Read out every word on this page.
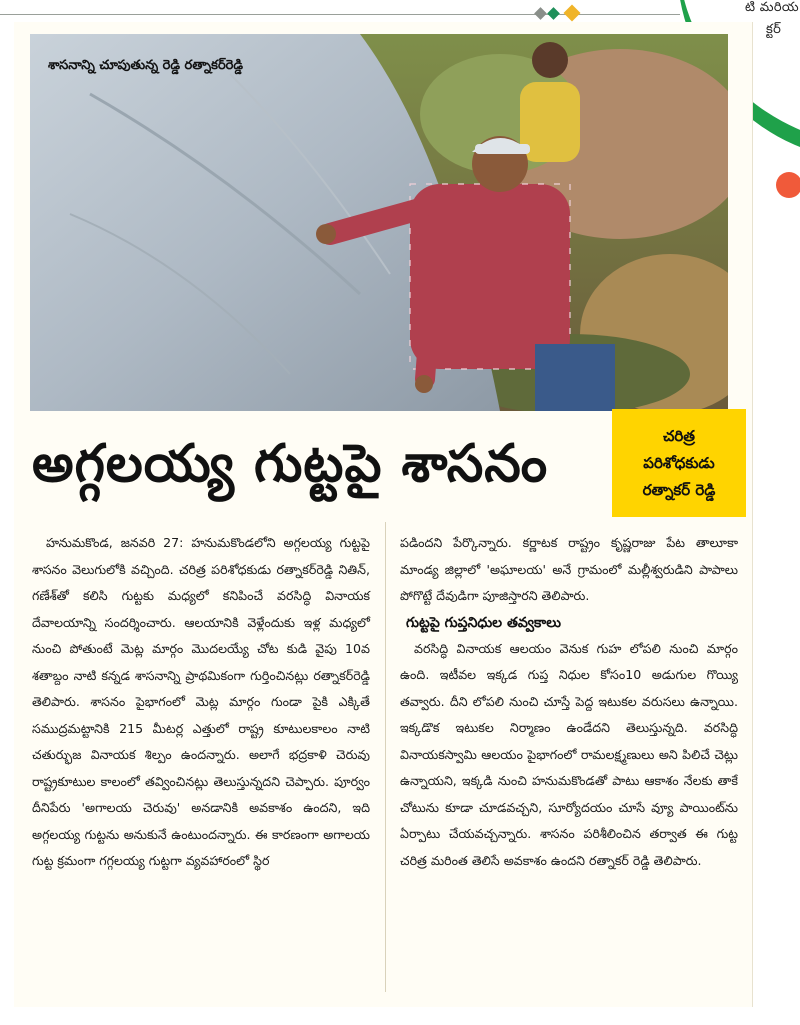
టి మరియ
క్టర్
శాసనాన్ని చూపుతున్న రెడ్డి రత్నాకర్‌రెడ్డి
అగ్గలయ్య గుట్టపై శాసనం	చరిత్ర
పరిశోధకుడు
రత్నాకర్ రెడ్డి

హనుమకొండ, జనవరి 27: హనుమకొండలోని అగ్గలయ్య గుట్టపై శాసనం వెలుగులోకి వచ్చింది. చరిత్ర పరిశోధకుడు రత్నాకర్‌రెడ్డి నితిన్, గణేశ్‌తో కలిసి గుట్టకు మధ్యలో కనిపించే వరసిద్ధి వినాయక దేవాలయాన్ని సందర్శించారు. ఆలయానికి వెళ్లేందుకు ఇళ్ల మధ్యలో నుంచి పోతుంటే మెట్ల మార్గం మొదలయ్యే చోట కుడి వైపు 10వ శతాబ్దం నాటి కన్నడ శాసనాన్ని ప్రాథమికంగా గుర్తించినట్లు రత్నాకర్‌రెడ్డి తెలిపారు. శాసనం పైభాగంలో మెట్ల మార్గం గుండా పైకి ఎక్కితే సముద్రమట్టానికి 215 మీటర్ల ఎత్తులో రాష్ట్ర కూటులకాలం నాటి చతుర్భుజ వినాయక శిల్పం ఉందన్నారు. అలాగే భద్రకాళి చెరువు రాష్ట్రకూటుల కాలంలో తవ్వించినట్లు తెలుస్తున్నదని చెప్పారు. పూర్వం దీనిపేరు 'అగాలయ చెరువు' అనడానికి అవకాశం ఉందని, ఇది అగ్గలయ్య గుట్టను అనుకునే ఉంటుందన్నారు. ఈ కారణంగా అగాలయ గుట్ట క్రమంగా గగ్గలయ్య గుట్టగా వ్యవహారంలో స్థిర

పడిందని పేర్కొన్నారు. కర్ణాటక రాష్ట్రం కృష్ణరాజు పేట తాలూకా మాండ్య జిల్లాలో 'అఘాలయ' అనే గ్రామంలో మల్లీశ్వరుడిని పాపాలు పోగొట్టే దేవుడిగా పూజిస్తారని తెలిపారు.

గుట్టపై గుప్తనిధుల తవ్వకాలు

వరసిద్ధి వినాయక ఆలయం వెనుక గుహ లోపలి నుంచి మార్గం ఉంది. ఇటీవల ఇక్కడ గుప్త నిధుల కోసం10 అడుగుల గొయ్యి తవ్వారు. దీని లోపలి నుంచి చూస్తే పెద్ద ఇటుకల వరుసలు ఉన్నాయి. ఇక్కడొక ఇటుకల నిర్మాణం ఉండేదని తెలుస్తున్నది. వరసిద్ధి వినాయకస్వామి ఆలయం పైభాగంలో రామలక్ష్మణులు అని పిలిచే చెట్లు ఉన్నాయని, ఇక్కడి నుంచి హనుమకొండతో పాటు ఆకాశం నేలకు తాకే చోటును కూడా చూడవచ్చని, సూర్యోదయం చూసే వ్యూ పాయింట్‌ను ఏర్పాటు చేయవచ్చన్నారు. శాసనం పరిశీలించిన తర్వాత ఈ గుట్ట చరిత్ర మరింత తెలిసే అవకాశం ఉందని రత్నాకర్ రెడ్డి తెలిపారు.
